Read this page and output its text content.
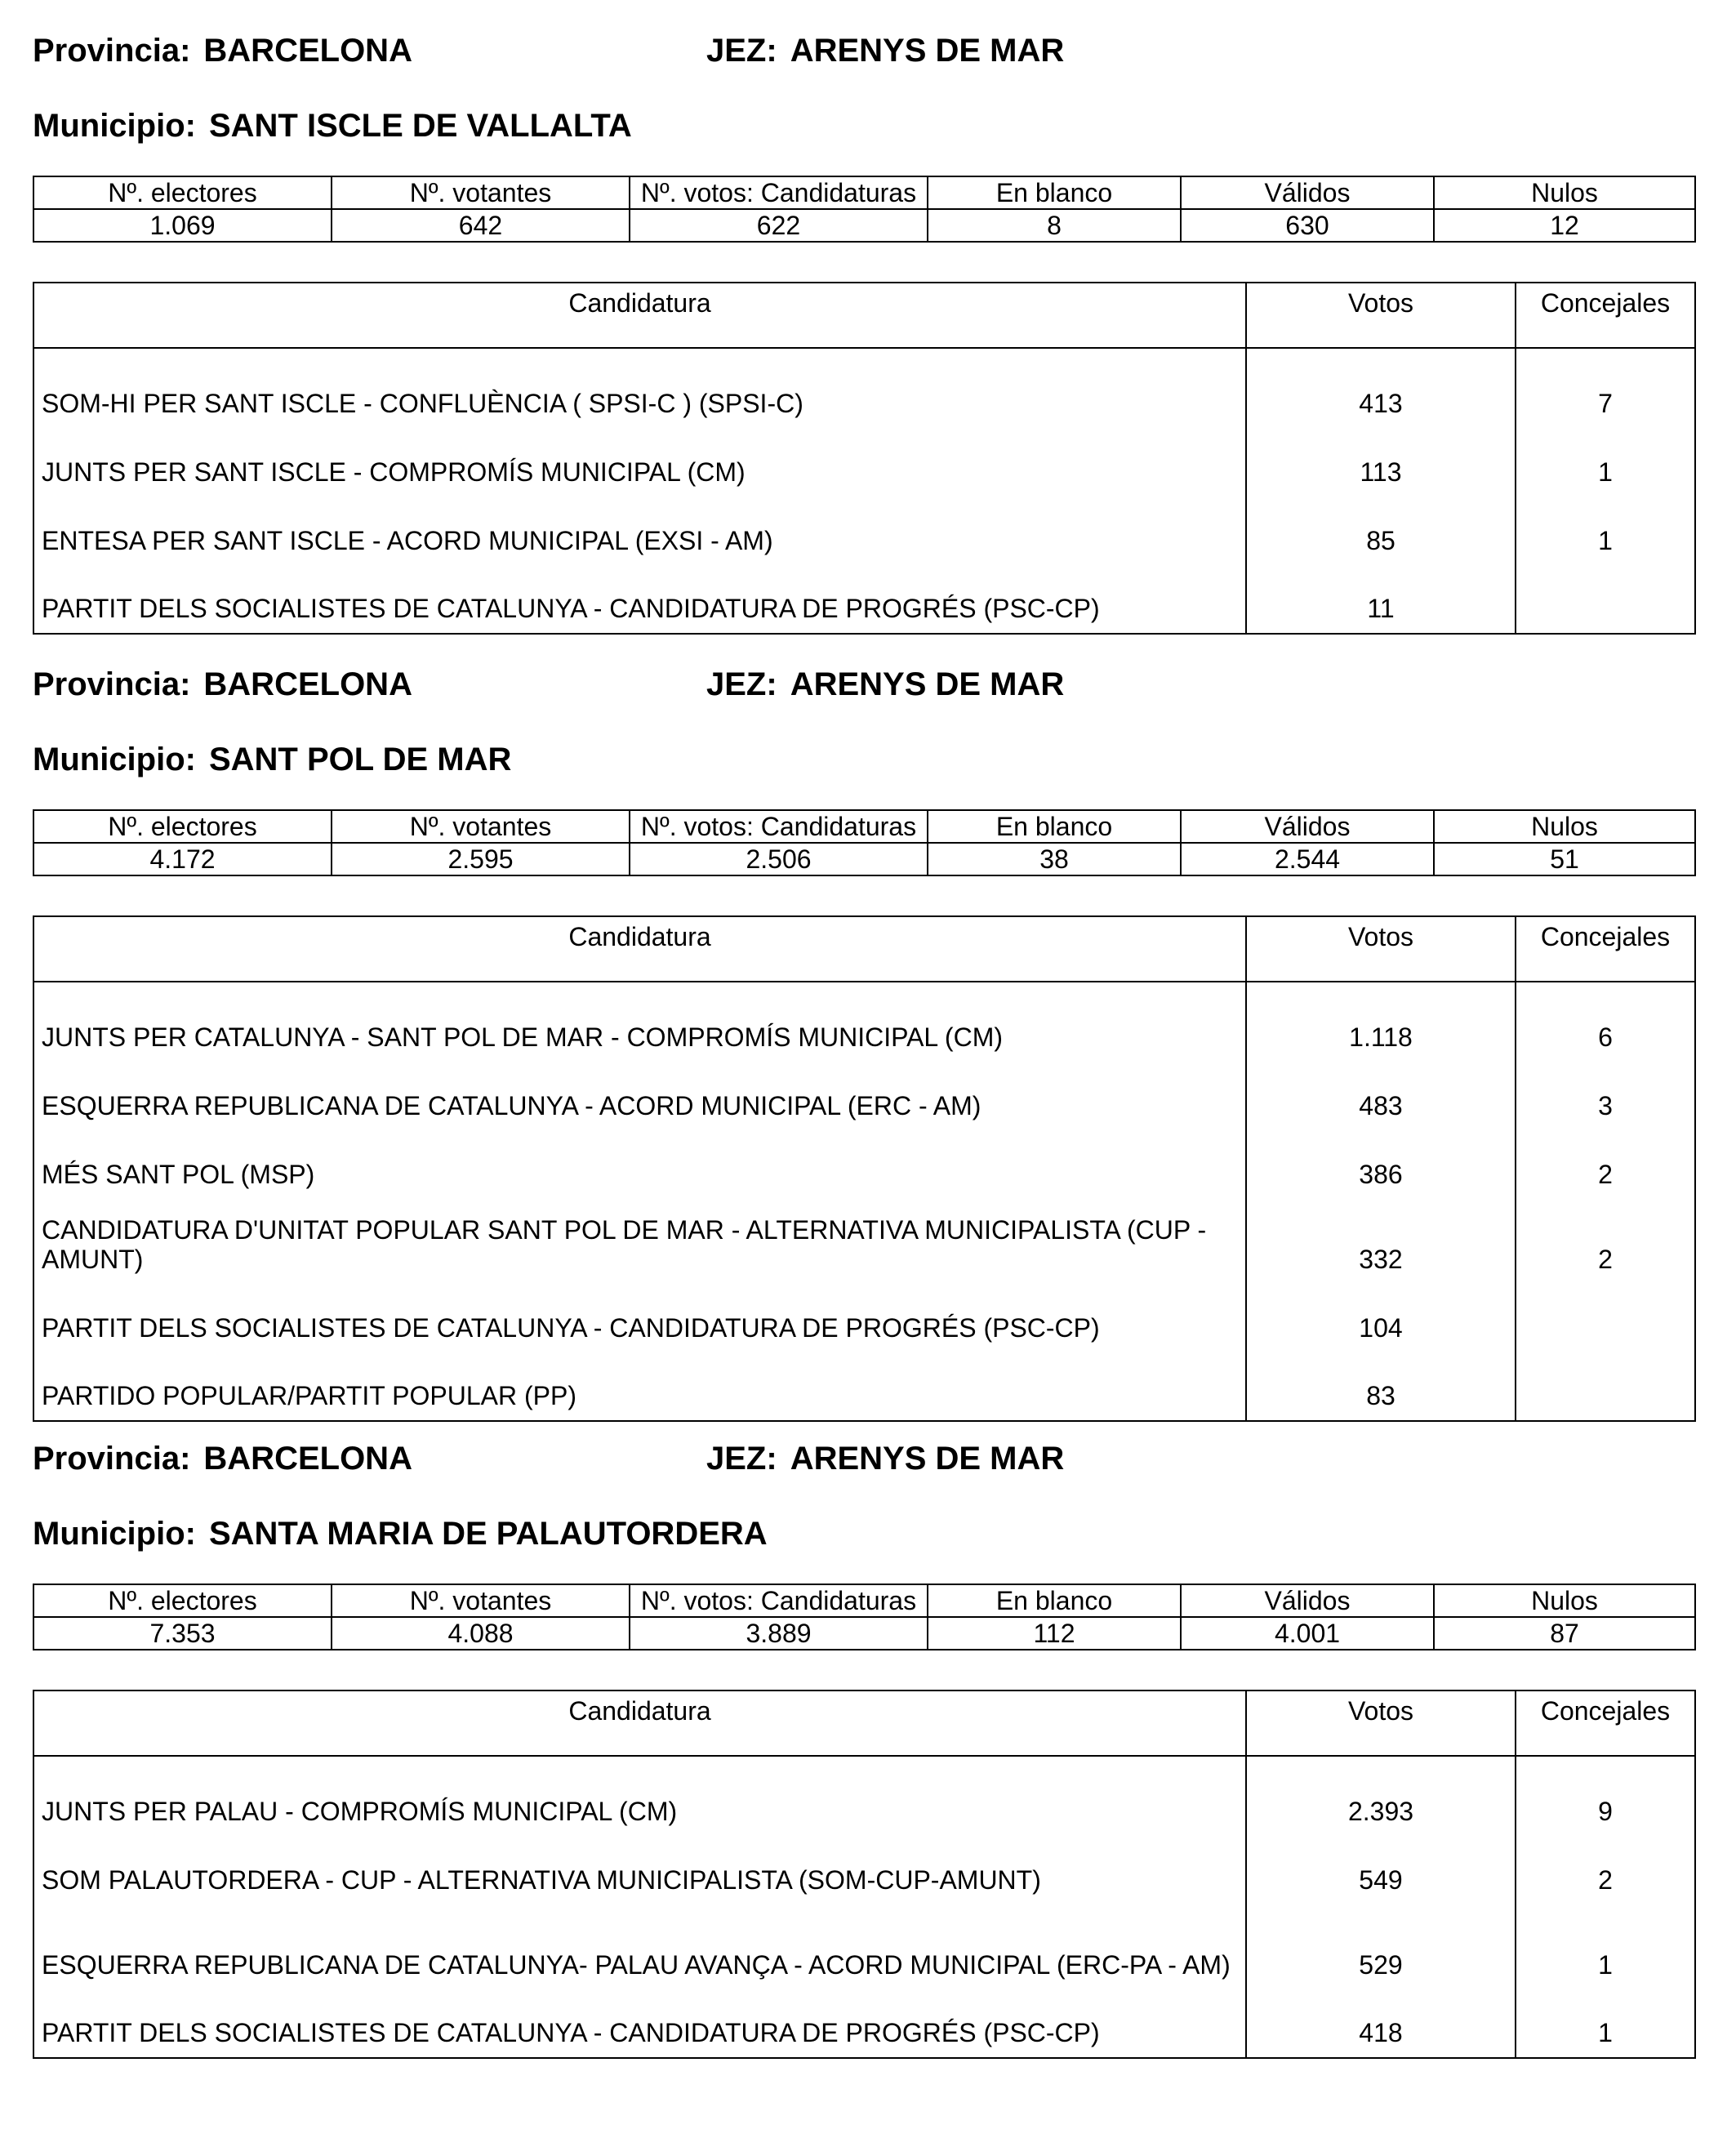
Provincia: BARCELONA	JEZ: ARENYS DE MAR
Municipio: SANT ISCLE DE VALLALTA
Nº. electores	Nº. votantes	Nº. votos: Candidaturas	En blanco	Válidos	Nulos
1.069	642	622	8	630	12
Candidatura	Votos	Concejales
SOM-HI PER SANT ISCLE - CONFLUÈNCIA ( SPSI-C ) (SPSI-C)	413	7
JUNTS PER SANT ISCLE - COMPROMÍS MUNICIPAL (CM)	113	1
ENTESA PER SANT ISCLE - ACORD MUNICIPAL (EXSI - AM)	85	1
PARTIT DELS SOCIALISTES DE CATALUNYA - CANDIDATURA DE PROGRÉS (PSC-CP)	11	
Provincia: BARCELONA	JEZ: ARENYS DE MAR
Municipio: SANT POL DE MAR
Nº. electores	Nº. votantes	Nº. votos: Candidaturas	En blanco	Válidos	Nulos
4.172	2.595	2.506	38	2.544	51
Candidatura	Votos	Concejales
JUNTS PER CATALUNYA - SANT POL DE MAR - COMPROMÍS MUNICIPAL (CM)	1.118	6
ESQUERRA REPUBLICANA DE CATALUNYA - ACORD MUNICIPAL (ERC - AM)	483	3
MÉS SANT POL (MSP)	386	2
CANDIDATURA D'UNITAT POPULAR SANT POL DE MAR - ALTERNATIVA MUNICIPALISTA (CUP - AMUNT)	332	2
PARTIT DELS SOCIALISTES DE CATALUNYA - CANDIDATURA DE PROGRÉS (PSC-CP)	104	
PARTIDO POPULAR/PARTIT POPULAR (PP)	83	
Provincia: BARCELONA	JEZ: ARENYS DE MAR
Municipio: SANTA MARIA DE PALAUTORDERA
Nº. electores	Nº. votantes	Nº. votos: Candidaturas	En blanco	Válidos	Nulos
7.353	4.088	3.889	112	4.001	87
Candidatura	Votos	Concejales
JUNTS PER PALAU - COMPROMÍS MUNICIPAL (CM)	2.393	9
SOM PALAUTORDERA - CUP - ALTERNATIVA MUNICIPALISTA (SOM-CUP-AMUNT)	549	2
ESQUERRA REPUBLICANA DE CATALUNYA- PALAU AVANÇA - ACORD MUNICIPAL (ERC-PA - AM)	529	1
PARTIT DELS SOCIALISTES DE CATALUNYA - CANDIDATURA DE PROGRÉS (PSC-CP)	418	1
